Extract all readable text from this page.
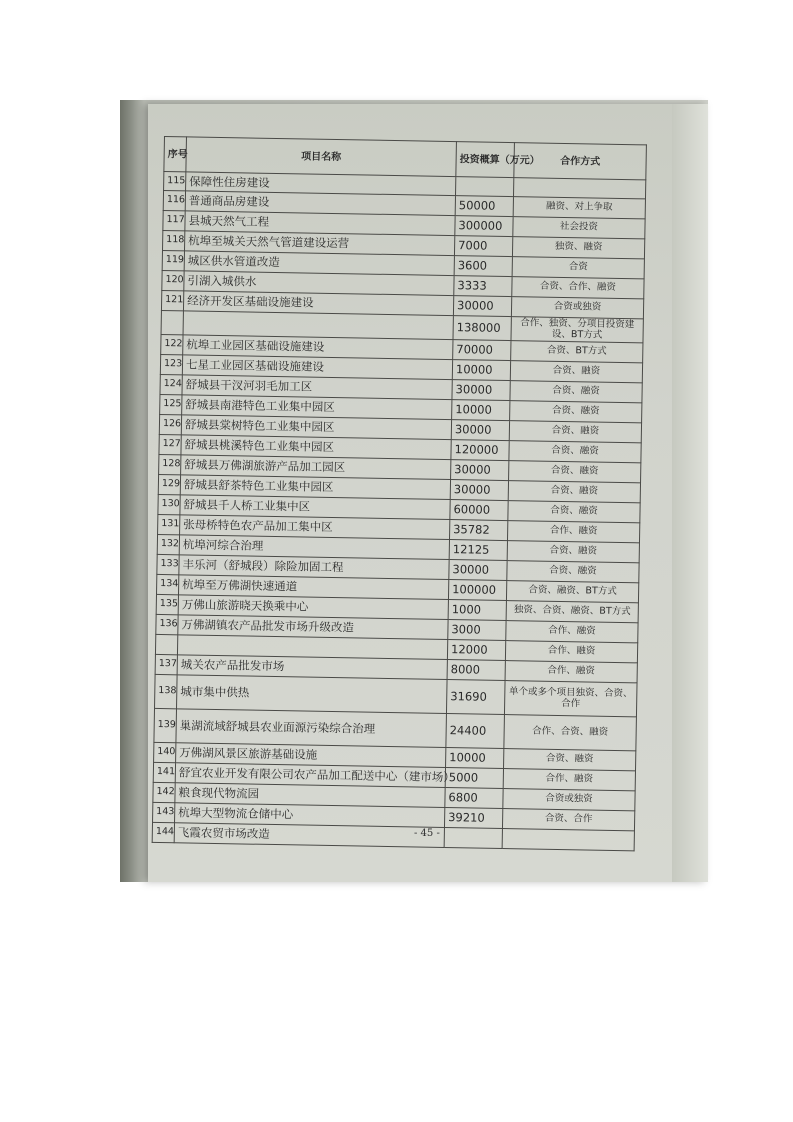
序号	项目名称	投资概算（万元）	合作方式
115	保障性住房建设		
116	普通商品房建设	50000	融资、对上争取
117	县城天然气工程	300000	社会投资
118	杭埠至城关天然气管道建设运营	7000	独资、融资
119	城区供水管道改造	3600	合资
120	引湖入城供水	3333	合资、合作、融资
121	经济开发区基础设施建设	30000	合资或独资
		138000	合作、独资、分项目投资建设、BT方式
122	杭埠工业园区基础设施建设	70000	合资、BT方式
123	七星工业园区基础设施建设	10000	合资、融资
124	舒城县干汊河羽毛加工区	30000	合资、融资
125	舒城县南港特色工业集中园区	10000	合资、融资
126	舒城县棠树特色工业集中园区	30000	合资、融资
127	舒城县桃溪特色工业集中园区	120000	合资、融资
128	舒城县万佛湖旅游产品加工园区	30000	合资、融资
129	舒城县舒茶特色工业集中园区	30000	合资、融资
130	舒城县千人桥工业集中区	60000	合资、融资
131	张母桥特色农产品加工集中区	35782	合作、融资
132	杭埠河综合治理	12125	合资、融资
133	丰乐河（舒城段）除险加固工程	30000	合资、融资
134	杭埠至万佛湖快速通道	100000	合资、融资、BT方式
135	万佛山旅游晓天换乘中心	1000	独资、合资、融资、BT方式
136	万佛湖镇农产品批发市场升级改造	3000	合作、融资
		12000	合作、融资
137	城关农产品批发市场	8000	合作、融资
138	城市集中供热	31690	单个或多个项目独资、合资、合作
139	巢湖流域舒城县农业面源污染综合治理	24400	合作、合资、融资
140	万佛湖风景区旅游基础设施	10000	合资、融资
141	舒宜农业开发有限公司农产品加工配送中心（建市场）	5000	合作、融资
142	粮食现代物流园	6800	合资或独资
143	杭埠大型物流仓储中心	39210	合资、合作
144	飞霞农贸市场改造			- 45 -
